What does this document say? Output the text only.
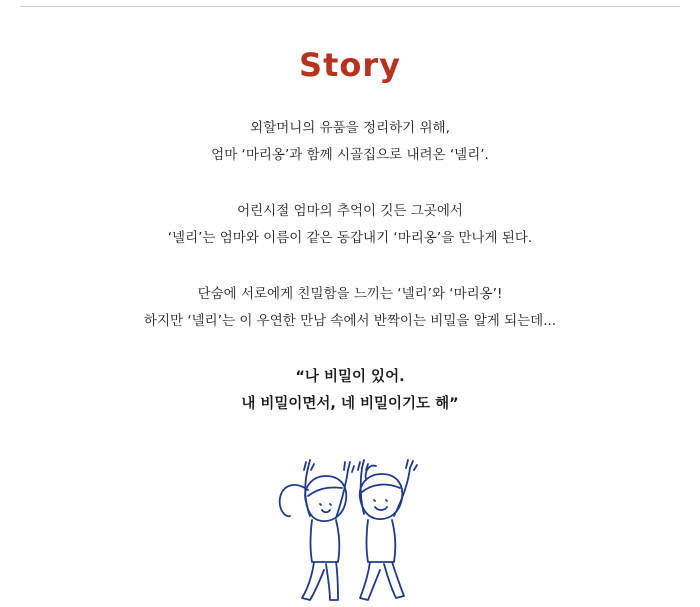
Story
외할머니의 유품을 정리하기 위해,
엄마 ‘마리옹’과 함께 시골집으로 내려온 ‘넬리’.
어린시절 엄마의 추억이 깃든 그곳에서
‘넬리’는 엄마와 이름이 같은 동갑내기 ‘마리옹’을 만나게 된다.
단숨에 서로에게 친밀함을 느끼는 ‘넬리’와 ‘마리옹’!
하지만 ‘넬리’는 이 우연한 만남 속에서 반짝이는 비밀을 알게 되는데...
“나 비밀이 있어.
내 비밀이면서, 네 비밀이기도 해”
